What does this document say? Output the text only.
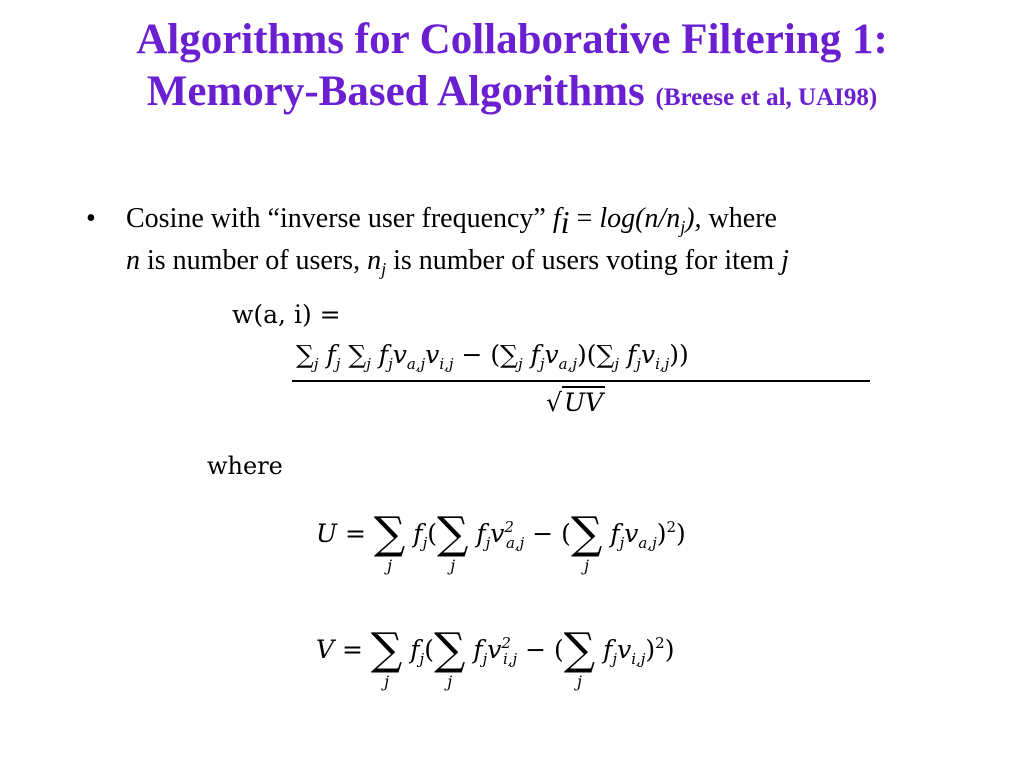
Algorithms for Collaborative Filtering 1:
Memory-Based Algorithms (Breese et al, UAI98)
• Cosine with “inverse user frequency” $f_i = \log(n/n_j)$, where
n is number of users, $n_j$ is number of users voting for item j
w(a, i) =
$\sum_j$ $f_j$ $\sum_j$ $f_jv_{a,j}v_{i,j} - (\sum_j$ $f_jv_{a,j})(\sum_j$ $f_jv_{i,j}$))
√UV
where
U = ∑
j
$f_j(\sum$
j
$f_jv^2_{a,j}$ − (∑
j
$f_jv_{a,j})^2$)
V = ∑
j
$f_j(\sum$
j
$f_jv^2_{i,j}$ − (∑
j
$f_jv_{i,j})^2$)
